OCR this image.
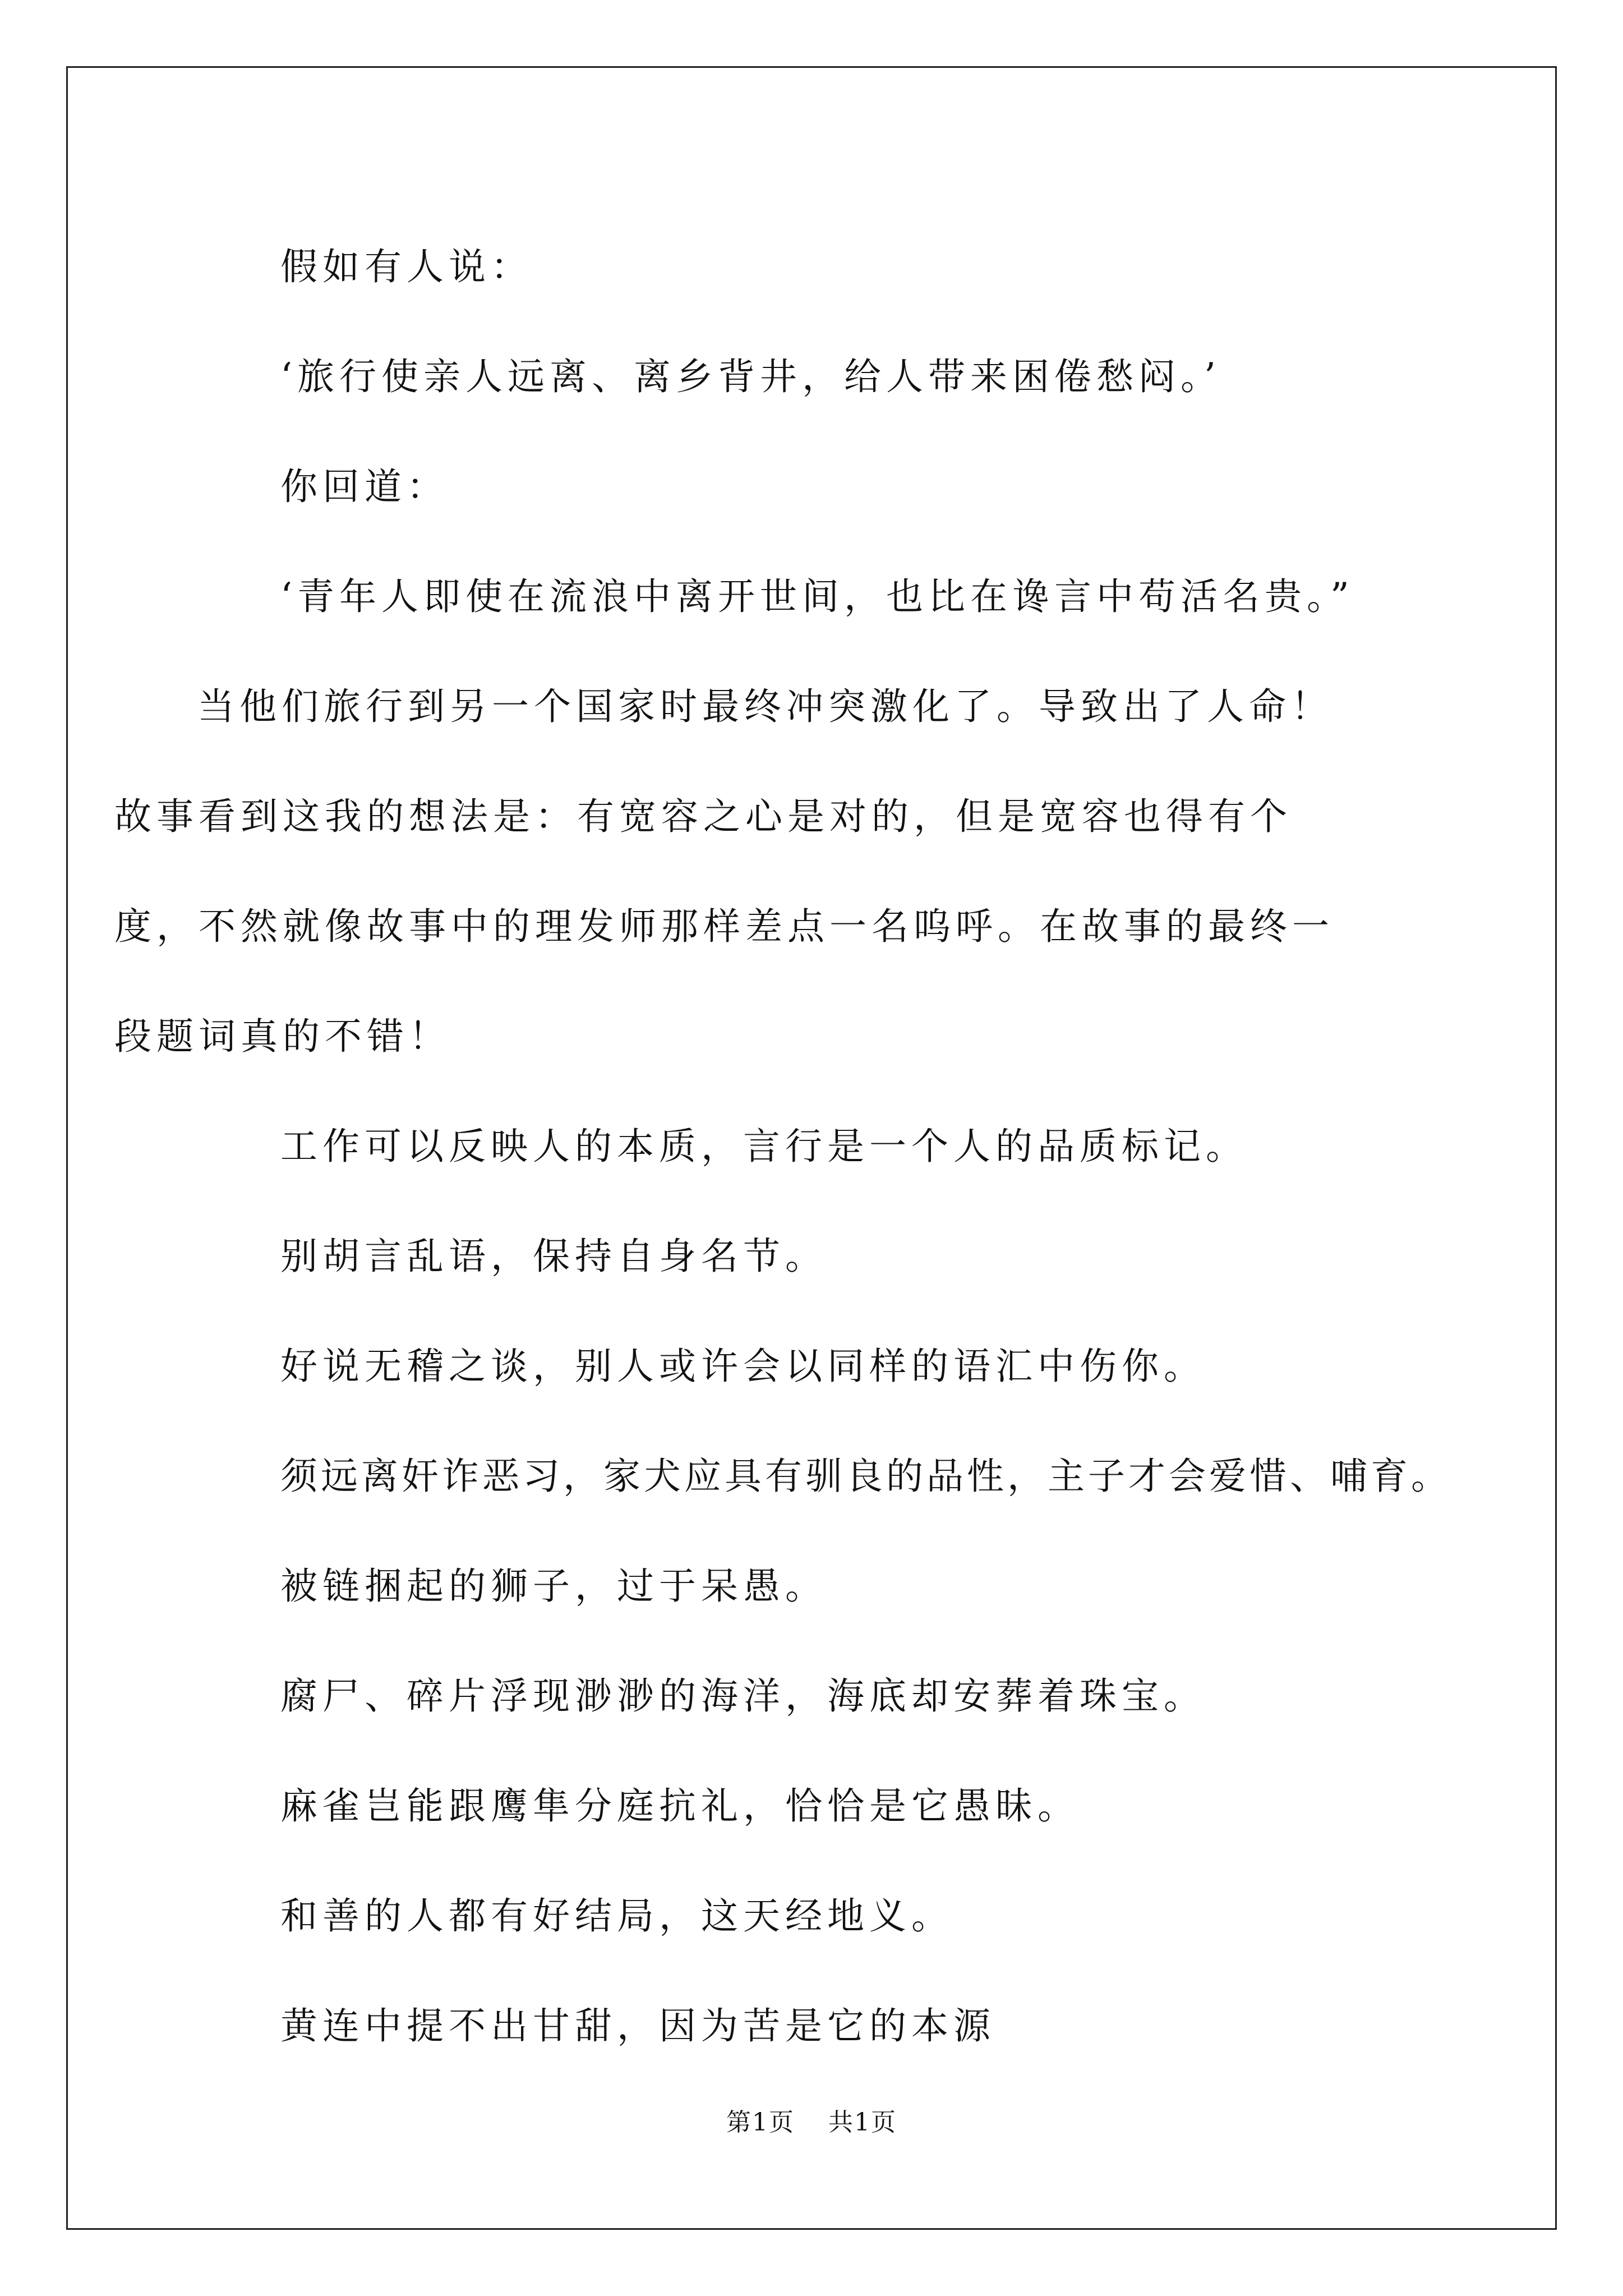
假如有人说：

‘旅行使亲人远离、离乡背井，给人带来困倦愁闷。’

你回道：

‘青年人即使在流浪中离开世间，也比在谗言中苟活名贵。”

当他们旅行到另一个国家时最终冲突激化了。导致出了人命！故事看到这我的想法是：有宽容之心是对的，但是宽容也得有个度，不然就像故事中的理发师那样差点一名呜呼。在故事的最终一段题词真的不错！

工作可以反映人的本质，言行是一个人的品质标记。

别胡言乱语，保持自身名节。

好说无稽之谈，别人或许会以同样的语汇中伤你。

须远离奸诈恶习，家犬应具有驯良的品性，主子才会爱惜、哺育。

被链捆起的狮子，过于呆愚。

腐尸、碎片浮现渺渺的海洋，海底却安葬着珠宝。

麻雀岂能跟鹰隼分庭抗礼，恰恰是它愚昧。

和善的人都有好结局，这天经地义。

黄连中提不出甘甜，因为苦是它的本源

第1页 共1页
